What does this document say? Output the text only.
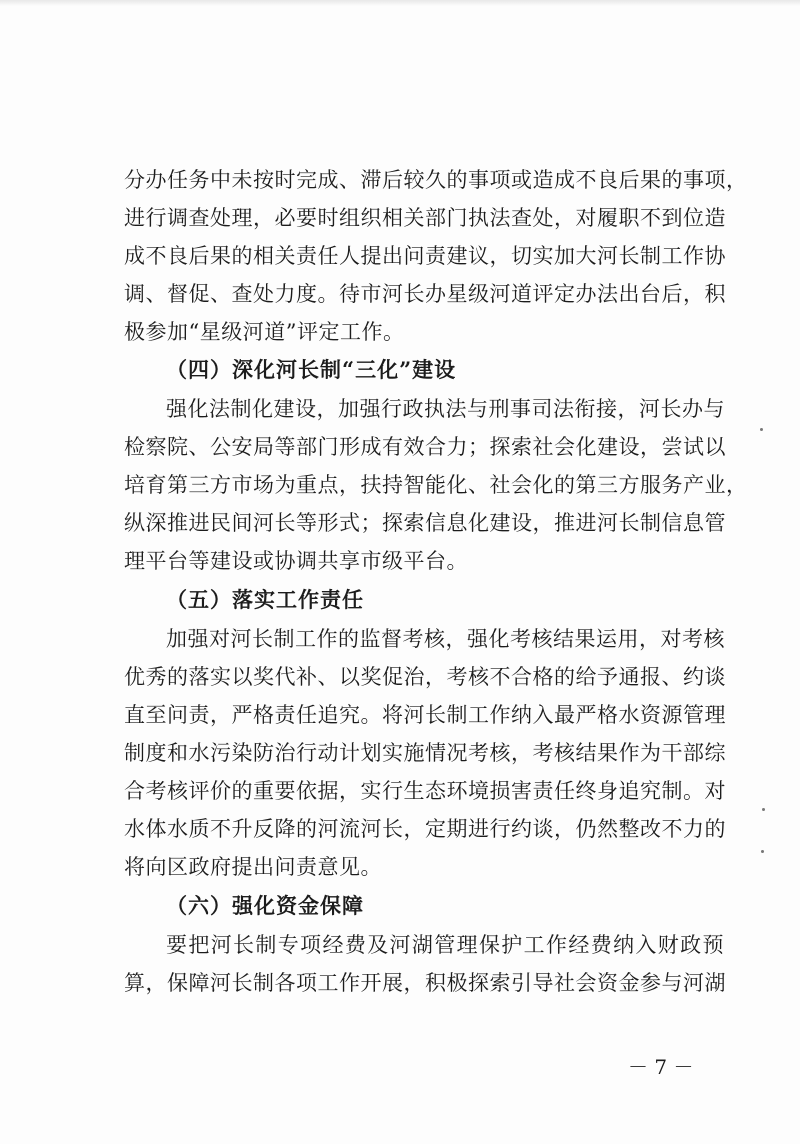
分办任务中未按时完成、滞后较久的事项或造成不良后果的事项，
进行调查处理，必要时组织相关部门执法查处，对履职不到位造
成不良后果的相关责任人提出问责建议，切实加大河长制工作协
调、督促、查处力度。待市河长办星级河道评定办法出台后，积
极参加“星级河道”评定工作。
（四）深化河长制“三化”建设
强化法制化建设，加强行政执法与刑事司法衔接，河长办与
检察院、公安局等部门形成有效合力；探索社会化建设，尝试以
培育第三方市场为重点，扶持智能化、社会化的第三方服务产业，
纵深推进民间河长等形式；探索信息化建设，推进河长制信息管
理平台等建设或协调共享市级平台。
（五）落实工作责任
加强对河长制工作的监督考核，强化考核结果运用，对考核
优秀的落实以奖代补、以奖促治，考核不合格的给予通报、约谈
直至问责，严格责任追究。将河长制工作纳入最严格水资源管理
制度和水污染防治行动计划实施情况考核，考核结果作为干部综
合考核评价的重要依据，实行生态环境损害责任终身追究制。对
水体水质不升反降的河流河长，定期进行约谈，仍然整改不力的
将向区政府提出问责意见。
（六）强化资金保障
要把河长制专项经费及河湖管理保护工作经费纳入财政预
算，保障河长制各项工作开展，积极探索引导社会资金参与河湖
－ 7 －
